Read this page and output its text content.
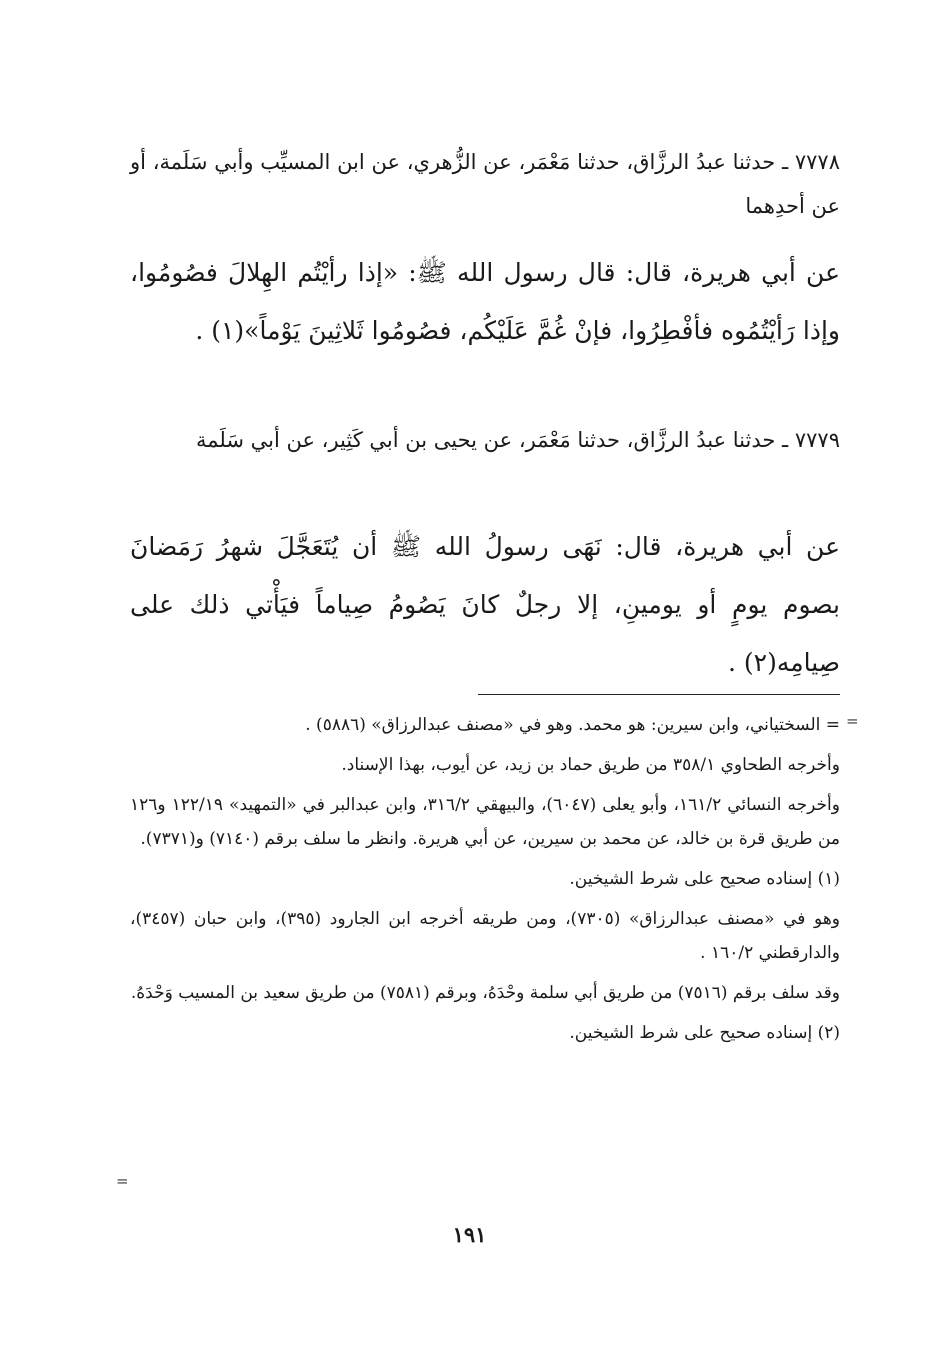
٧٧٧٨ ـ حدثنا عبدُ الرزَّاق، حدثنا مَعْمَر، عن الزُّهري، عن ابن المسيِّب وأبي سَلَمة، أو عن أحدِهما

عن أبي هريرة، قال: قال رسول الله ﷺ: «إذا رأيْتُم الهِلالَ فصُومُوا، وإذا رَأيْتُمُوه فأفْطِرُوا، فإنْ غُمَّ عَلَيْكُم، فصُومُوا ثَلاثِينَ يَوْماً»(١) .

٧٧٧٩ ـ حدثنا عبدُ الرزَّاق، حدثنا مَعْمَر، عن يحيى بن أبي كَثِير، عن أبي سَلَمة

عن أبي هريرة، قال: نَهَى رسولُ الله ﷺ أن يُتَعَجَّلَ شهرُ رَمَضانَ بصوم يومٍ أو يومينِ، إلا رجلٌ كانَ يَصُومُ صِياماً فيَأْتي ذلك على صِيامِه(٢) .

= السختياني، وابن سيرين: هو محمد. وهو في «مصنف عبدالرزاق» (٥٨٨٦) .

وأخرجه الطحاوي ٣٥٨/١ من طريق حماد بن زيد، عن أيوب، بهذا الإسناد.

وأخرجه النسائي ١٦١/٢، وأبو يعلى (٦٠٤٧)، والبيهقي ٣١٦/٢، وابن عبدالبر في «التمهيد» ١٢٢/١٩ و١٢٦ من طريق قرة بن خالد، عن محمد بن سيرين، عن أبي هريرة. وانظر ما سلف برقم (٧١٤٠) و(٧٣٧١).

(١) إسناده صحيح على شرط الشيخين.

وهو في «مصنف عبدالرزاق» (٧٣٠٥)، ومن طريقه أخرجه ابن الجارود (٣٩٥)، وابن حبان (٣٤٥٧)، والدارقطني ١٦٠/٢ .

وقد سلف برقم (٧٥١٦) من طريق أبي سلمة وحْدَهُ، وبرقم (٧٥٨١) من طريق سعيد بن المسيب وَحْدَهُ.

(٢) إسناده صحيح على شرط الشيخين.

=
=
١٩١
